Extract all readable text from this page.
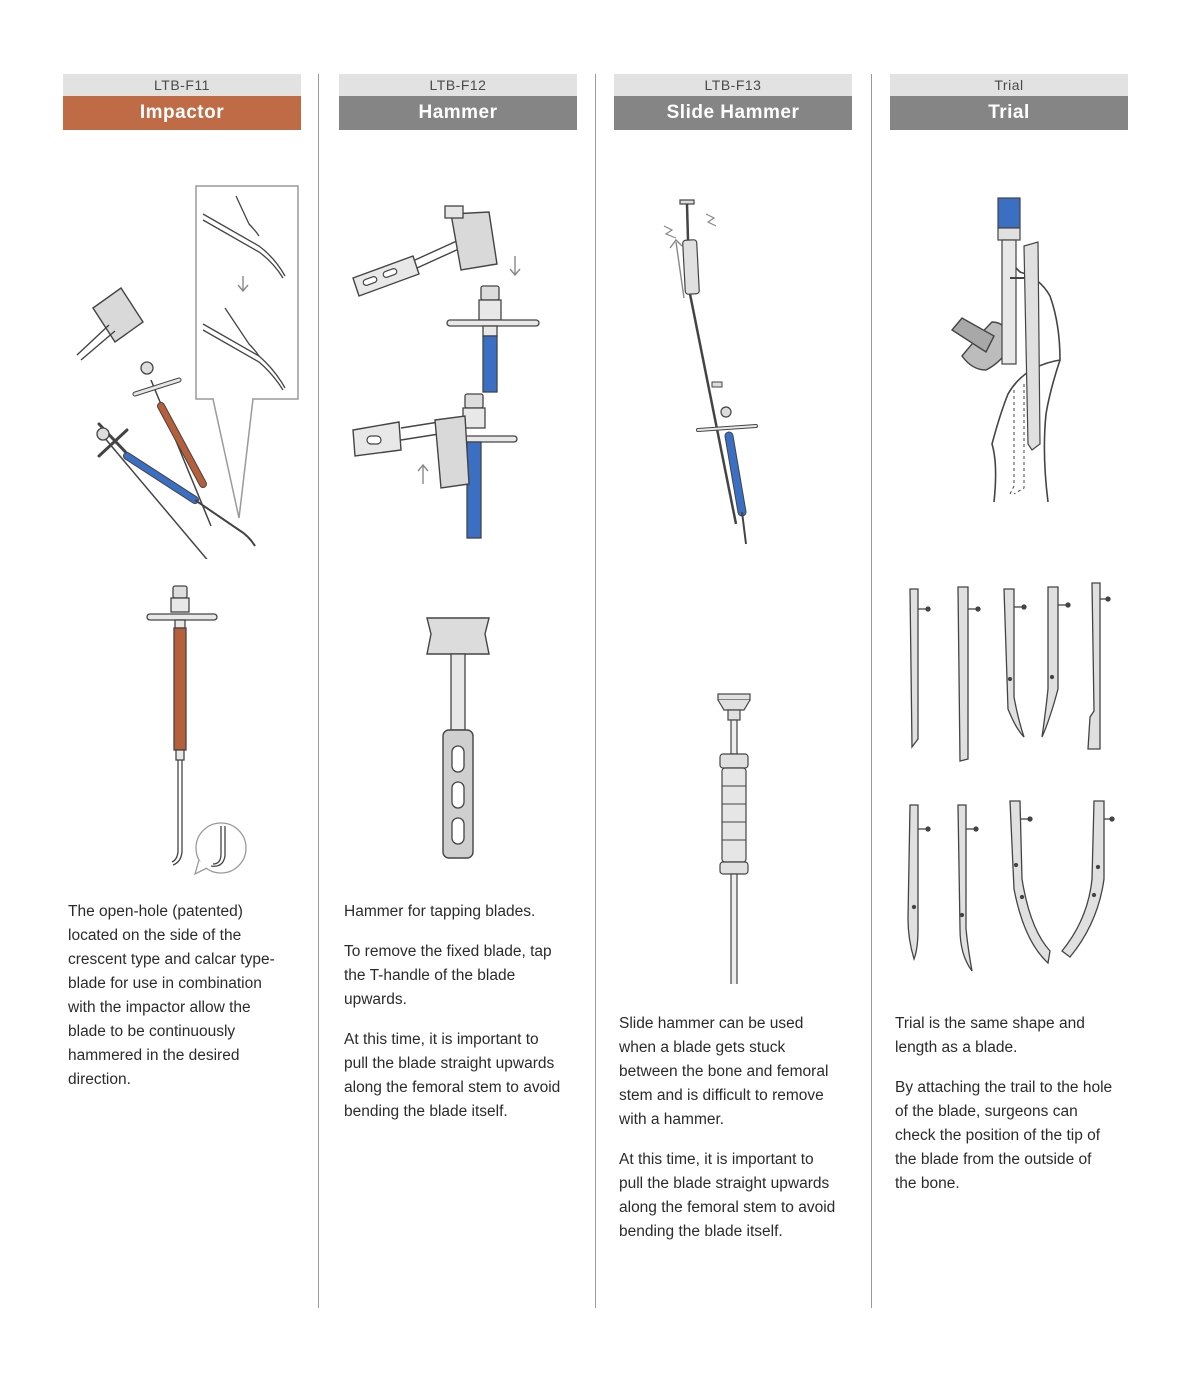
LTB-F11
Impactor

The open-hole (patented) located on the side of the crescent type and calcar type-blade for use in combination with the impactor allow the blade to be continuously hammered in the desired direction.

LTB-F12
Hammer

Hammer for tapping blades.

To remove the fixed blade, tap the T-handle of the blade upwards.

At this time, it is important to pull the blade straight upwards along the femoral stem to avoid bending the blade itself.

LTB-F13
Slide Hammer

Slide hammer can be used when a blade gets stuck between the bone and femoral stem and is difficult to remove with a hammer.

At this time, it is important to pull the blade straight upwards along the femoral stem to avoid bending the blade itself.

Trial
Trial

Trial is the same shape and length as a blade.

By attaching the trail to the hole of the blade, surgeons can check the position of the tip of the blade from the outside of the bone.
